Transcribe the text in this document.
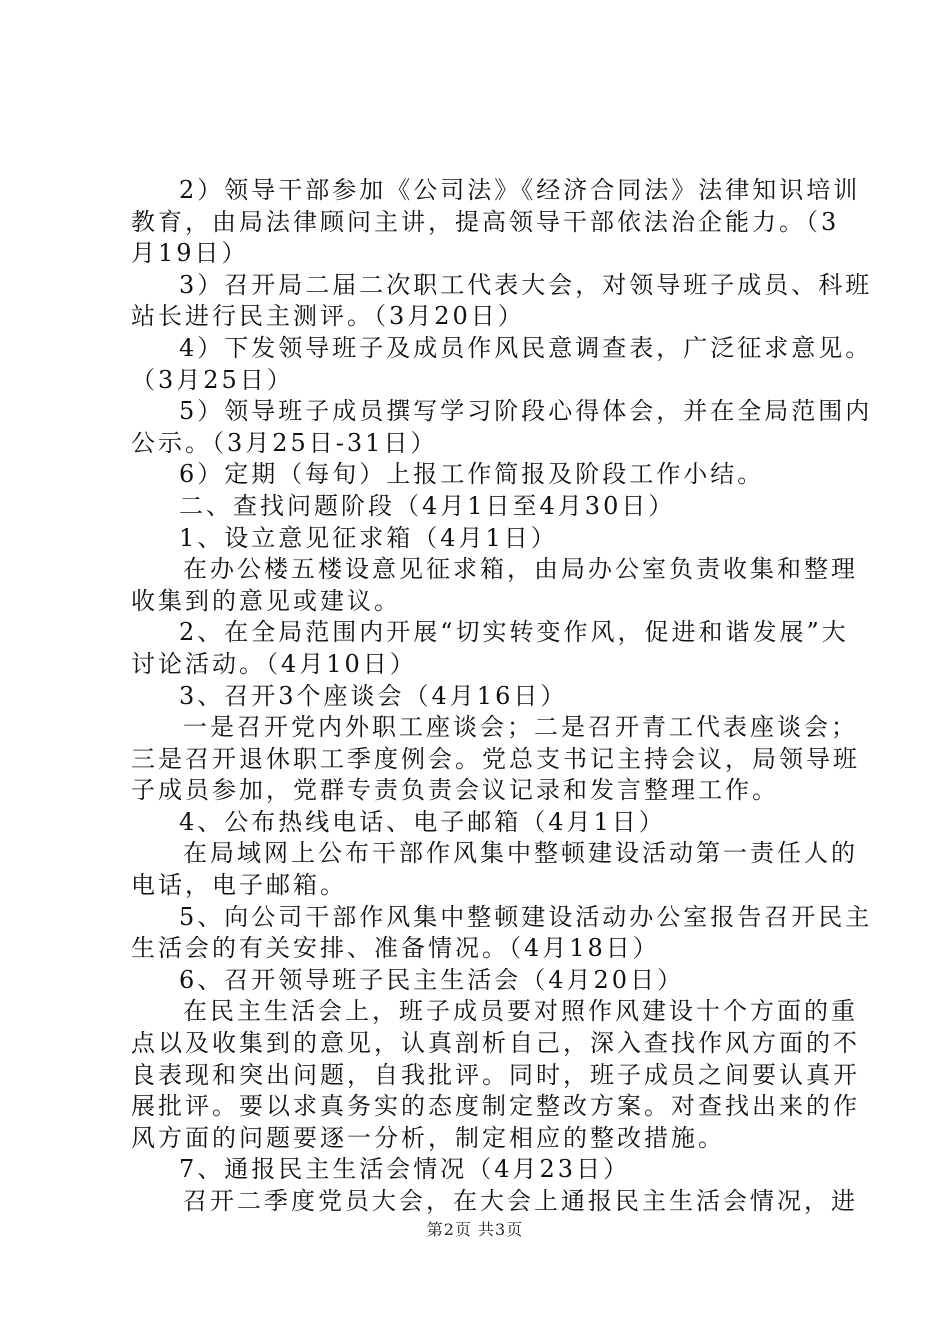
2）领导干部参加《公司法》《经济合同法》法律知识培训
教育，由局法律顾问主讲，提高领导干部依法治企能力。（3
月19日）
3）召开局二届二次职工代表大会，对领导班子成员、科班
站长进行民主测评。（3月20日）
4）下发领导班子及成员作风民意调查表，广泛征求意见。
（3月25日）
5）领导班子成员撰写学习阶段心得体会，并在全局范围内
公示。（3月25日-31日）
6）定期（每旬）上报工作简报及阶段工作小结。
二、查找问题阶段（4月1日至4月30日）
1、设立意见征求箱（4月1日）
在办公楼五楼设意见征求箱，由局办公室负责收集和整理
收集到的意见或建议。
2、在全局范围内开展“切实转变作风，促进和谐发展”大
讨论活动。（4月10日）
3、召开3个座谈会（4月16日）
一是召开党内外职工座谈会；二是召开青工代表座谈会；
三是召开退休职工季度例会。党总支书记主持会议，局领导班
子成员参加，党群专责负责会议记录和发言整理工作。
4、公布热线电话、电子邮箱（4月1日）
在局域网上公布干部作风集中整顿建设活动第一责任人的
电话，电子邮箱。
5、向公司干部作风集中整顿建设活动办公室报告召开民主
生活会的有关安排、准备情况。（4月18日）
6、召开领导班子民主生活会（4月20日）
在民主生活会上，班子成员要对照作风建设十个方面的重
点以及收集到的意见，认真剖析自己，深入查找作风方面的不
良表现和突出问题，自我批评。同时，班子成员之间要认真开
展批评。要以求真务实的态度制定整改方案。对查找出来的作
风方面的问题要逐一分析，制定相应的整改措施。
7、通报民主生活会情况（4月23日）
召开二季度党员大会，在大会上通报民主生活会情况，进
第2页 共3页
